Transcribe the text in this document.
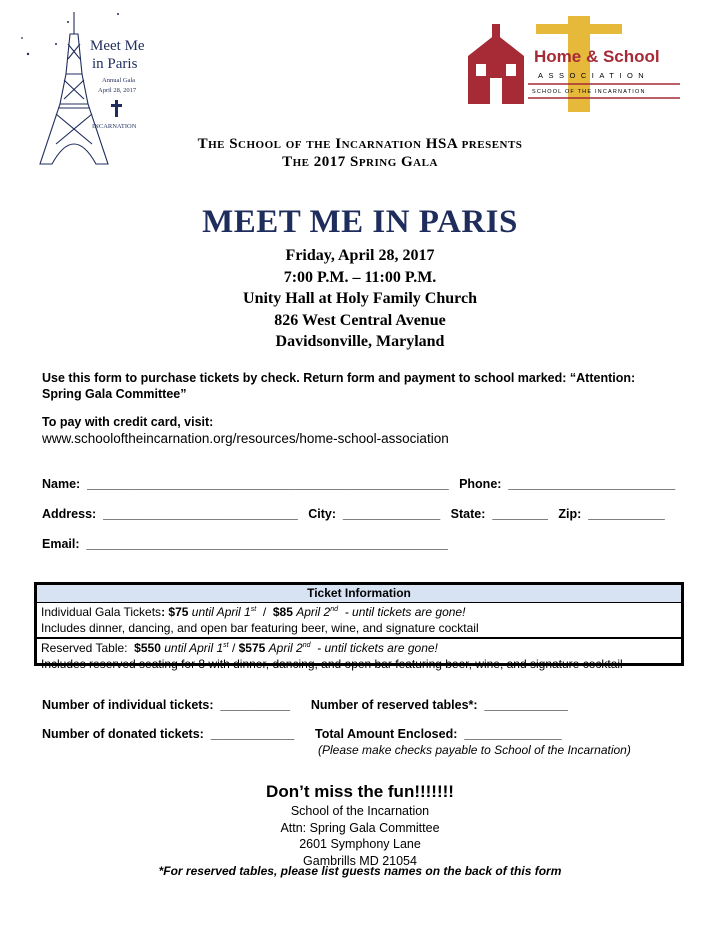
Meet Me
in Paris
Annual Gala
April 28, 2017
INCARNATION
Home & School
ASSOCIATION
SCHOOL OF THE INCARNATION
The School of the Incarnation HSA presents
The 2017 Spring Gala
MEET ME IN PARIS
Friday, April 28, 2017
7:00 P.M. – 11:00 P.M.
Unity Hall at Holy Family Church
826 West Central Avenue
Davidsonville, Maryland
Use this form to purchase tickets by check. Return form and payment to school marked: “Attention:
Spring Gala Committee”
To pay with credit card, visit:
www.schooloftheincarnation.org/resources/home-school-association
Name:  ____________________________________________________   Phone:  ________________________
Address:  ____________________________   City:  ______________   State:  ________   Zip:  ___________
Email:  ____________________________________________________
Ticket Information
Individual Gala Tickets: $75 until April 1st / $85 April 2nd - until tickets are gone!
Includes dinner, dancing, and open bar featuring beer, wine, and signature cocktail
Reserved Table: $550 until April 1st / $575 April 2nd - until tickets are gone!
Includes reserved seating for 8 with dinner, dancing, and open bar featuring beer, wine, and signature cocktail
Number of individual tickets:  __________      Number of reserved tables*:  ____________
Number of donated tickets:  ____________      Total Amount Enclosed:  ______________
(Please make checks payable to School of the Incarnation)
Don’t miss the fun!!!!!!!
School of the Incarnation
Attn: Spring Gala Committee
2601 Symphony Lane
Gambrills MD 21054
*For reserved tables, please list guests names on the back of this form
